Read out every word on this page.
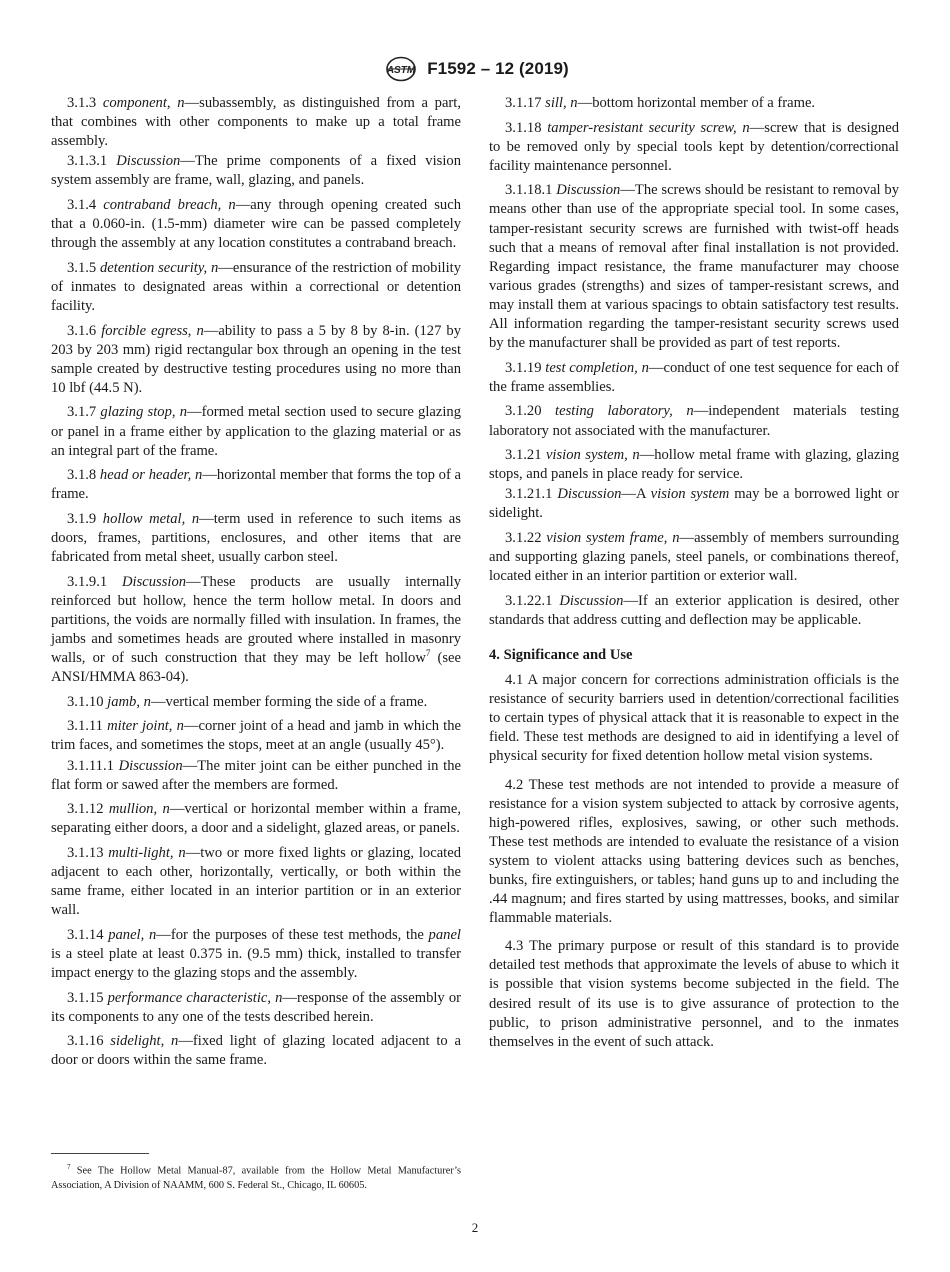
ASTM F1592 – 12 (2019)

3.1.3 component, n—subassembly, as distinguished from a part, that combines with other components to make up a total frame assembly.

3.1.3.1 Discussion—The prime components of a fixed vision system assembly are frame, wall, glazing, and panels.

3.1.4 contraband breach, n—any through opening created such that a 0.060-in. (1.5-mm) diameter wire can be passed completely through the assembly at any location constitutes a contraband breach.

3.1.5 detention security, n—ensurance of the restriction of mobility of inmates to designated areas within a correctional or detention facility.

3.1.6 forcible egress, n—ability to pass a 5 by 8 by 8-in. (127 by 203 by 203 mm) rigid rectangular box through an opening in the test sample created by destructive testing procedures using no more than 10 lbf (44.5 N).

3.1.7 glazing stop, n—formed metal section used to secure glazing or panel in a frame either by application to the glazing material or as an integral part of the frame.

3.1.8 head or header, n—horizontal member that forms the top of a frame.

3.1.9 hollow metal, n—term used in reference to such items as doors, frames, partitions, enclosures, and other items that are fabricated from metal sheet, usually carbon steel.

3.1.9.1 Discussion—These products are usually internally reinforced but hollow, hence the term hollow metal. In doors and partitions, the voids are normally filled with insulation. In frames, the jambs and sometimes heads are grouted where installed in masonry walls, or of such construction that they may be left hollow$^7$ (see ANSI/HMMA 863-04).

3.1.10 jamb, n—vertical member forming the side of a frame.

3.1.11 miter joint, n—corner joint of a head and jamb in which the trim faces, and sometimes the stops, meet at an angle (usually 45°).

3.1.11.1 Discussion—The miter joint can be either punched in the flat form or sawed after the members are formed.

3.1.12 mullion, n—vertical or horizontal member within a frame, separating either doors, a door and a sidelight, glazed areas, or panels.

3.1.13 multi-light, n—two or more fixed lights or glazing, located adjacent to each other, horizontally, vertically, or both within the same frame, either located in an interior partition or in an exterior wall.

3.1.14 panel, n—for the purposes of these test methods, the panel is a steel plate at least 0.375 in. (9.5 mm) thick, installed to transfer impact energy to the glazing stops and the assembly.

3.1.15 performance characteristic, n—response of the assembly or its components to any one of the tests described herein.

3.1.16 sidelight, n—fixed light of glazing located adjacent to a door or doors within the same frame.

3.1.17 sill, n—bottom horizontal member of a frame.

3.1.18 tamper-resistant security screw, n—screw that is designed to be removed only by special tools kept by detention/correctional facility maintenance personnel.

3.1.18.1 Discussion—The screws should be resistant to removal by means other than use of the appropriate special tool. In some cases, tamper-resistant security screws are furnished with twist-off heads such that a means of removal after final installation is not provided. Regarding impact resistance, the frame manufacturer may choose various grades (strengths) and sizes of tamper-resistant screws, and may install them at various spacings to obtain satisfactory test results. All information regarding the tamper-resistant security screws used by the manufacturer shall be provided as part of test reports.

3.1.19 test completion, n—conduct of one test sequence for each of the frame assemblies.

3.1.20 testing laboratory, n—independent materials testing laboratory not associated with the manufacturer.

3.1.21 vision system, n—hollow metal frame with glazing, glazing stops, and panels in place ready for service.

3.1.21.1 Discussion—A vision system may be a borrowed light or sidelight.

3.1.22 vision system frame, n—assembly of members surrounding and supporting glazing panels, steel panels, or combinations thereof, located either in an interior partition or exterior wall.

3.1.22.1 Discussion—If an exterior application is desired, other standards that address cutting and deflection may be applicable.

4. Significance and Use

4.1 A major concern for corrections administration officials is the resistance of security barriers used in detention/correctional facilities to certain types of physical attack that it is reasonable to expect in the field. These test methods are designed to aid in identifying a level of physical security for fixed detention hollow metal vision systems.

4.2 These test methods are not intended to provide a measure of resistance for a vision system subjected to attack by corrosive agents, high-powered rifles, explosives, sawing, or other such methods. These test methods are intended to evaluate the resistance of a vision system to violent attacks using battering devices such as benches, bunks, fire extinguishers, or tables; hand guns up to and including the .44 magnum; and fires started by using mattresses, books, and similar flammable materials.

4.3 The primary purpose or result of this standard is to provide detailed test methods that approximate the levels of abuse to which it is possible that vision systems become subjected in the field. The desired result of its use is to give assurance of protection to the public, to prison administrative personnel, and to the inmates themselves in the event of such attack.

$^7$ See The Hollow Metal Manual-87, available from the Hollow Metal Manufacturer’s Association, A Division of NAAMM, 600 S. Federal St., Chicago, IL 60605.

2
